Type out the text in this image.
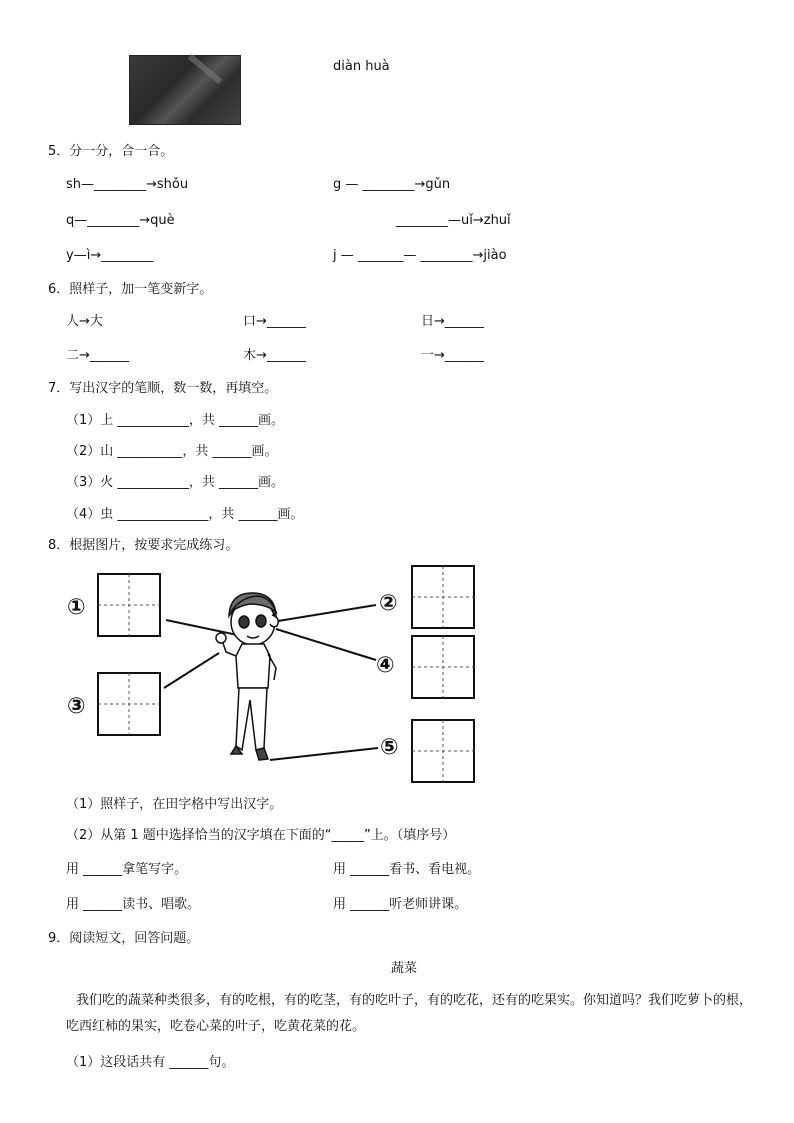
diàn huà
5．分一分，合一合。
sh—________→shǒu	g — ________→gǔn
q—________→què	________—uǐ→zhuǐ
y—ì→________	j — _______— ________→jiào
6．照样子，加一笔变新字。
人→大	口→______	日→______
二→______	木→______	一→______
7．写出汉字的笔顺，数一数，再填空。
（1）上 ___________，共 ______画。
（2）山 __________，共 ______画。
（3）火 ___________，共 ______画。
（4）虫 ______________，共 ______画。
8．根据图片，按要求完成练习。
①
③
②
④
⑤
（1）照样子，在田字格中写出汉字。
（2）从第 1 题中选择恰当的汉字填在下面的“_____”上。（填序号）
用 ______拿笔写字。	用 ______看书、看电视。
用 ______读书、唱歌。	用 ______听老师讲课。
9．阅读短文，回答问题。
蔬菜
我们吃的蔬菜种类很多，有的吃根，有的吃茎，有的吃叶子，有的吃花，还有的吃果实。你知道吗？我们吃萝卜的根，吃西红柿的果实，吃卷心菜的叶子，吃黄花菜的花。
（1）这段话共有 ______句。
